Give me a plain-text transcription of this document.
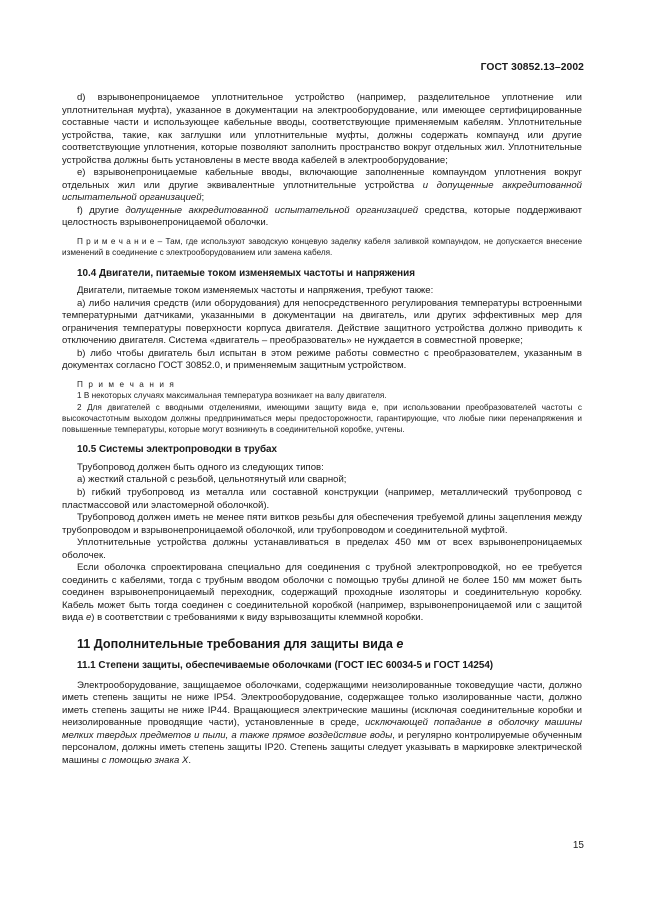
ГОСТ 30852.13–2002

d) взрывонепроницаемое уплотнительное устройство (например, разделительное уплотнение или уплотнительная муфта), указанное в документации на электрооборудование, или имеющее сертифицированные составные части и использующее кабельные вводы, соответствующие применяемым кабелям. Уплотнительные устройства, такие, как заглушки или уплотнительные муфты, должны содержать компаунд или другие соответствующие уплотнения, которые позволяют заполнить пространство вокруг отдельных жил. Уплотнительные устройства должны быть установлены в месте ввода кабелей в электрооборудование;

e) взрывонепроницаемые кабельные вводы, включающие заполненные компаундом уплотнения вокруг отдельных жил или другие эквивалентные уплотнительные устройства и допущенные аккредитованной испытательной организацией;

f) другие долущенные аккредитованной испытательной организацией средства, которые поддерживают целостность взрывонепроницаемой оболочки.

П р и м е ч а н и е – Там, где используют заводскую концевую заделку кабеля заливкой компаундом, не допускается внесение изменений в соединение с электрооборудованием или замена кабеля.

10.4 Двигатели, питаемые током изменяемых частоты и напряжения

Двигатели, питаемые током изменяемых частоты и напряжения, требуют также:

a) либо наличия средств (или оборудования) для непосредственного регулирования температуры встроенными температурными датчиками, указанными в документации на двигатель, или других эффективных мер для ограничения температуры поверхности корпуса двигателя. Действие защитного устройства должно приводить к отключению двигателя. Система «двигатель – преобразователь» не нуждается в совместной проверке;

b) либо чтобы двигатель был испытан в этом режиме работы совместно с преобразователем, указанным в документах согласно ГОСТ 30852.0, и применяемым защитным устройством.

П р и м е ч а н и я

1 В некоторых случаях максимальная температура возникает на валу двигателя.

2 Для двигателей с вводными отделениями, имеющими защиту вида е, при использовании преобразователей частоты с высокочастотным выходом должны предприниматься меры предосторожности, гарантирующие, что любые пики перенапряжения и повышенные температуры, которые могут возникнуть в соединительной коробке, учтены.

10.5 Системы электропроводки в трубах

Трубопровод должен быть одного из следующих типов:

a) жесткий стальной с резьбой, цельнотянутый или сварной;

b) гибкий трубопровод из металла или составной конструкции (например, металлический трубопровод с пластмассовой или эластомерной оболочкой).

Трубопровод должен иметь не менее пяти витков резьбы для обеспечения требуемой длины зацепления между трубопроводом и взрывонепроницаемой оболочкой, или трубопроводом и соединительной муфтой.

Уплотнительные устройства должны устанавливаться в пределах 450 мм от всех взрывонепроницаемых оболочек.

Если оболочка спроектирована специально для соединения с трубной электропроводкой, но ее требуется соединить с кабелями, тогда с трубным вводом оболочки с помощью трубы длиной не более 150 мм может быть соединен взрывонепроницаемый переходник, содержащий проходные изоляторы и соединительную коробку. Кабель может быть тогда соединен с соединительной коробкой (например, взрывонепроницаемой или с защитой вида e) в соответствии с требованиями к виду взрывозащиты клеммной коробки.

11 Дополнительные требования для защиты вида e
11.1 Степени защиты, обеспечиваемые оболочками (ГОСТ IEC 60034-5 и ГОСТ 14254)

Электрооборудование, защищаемое оболочками, содержащими неизолированные токоведущие части, должно иметь степень защиты не ниже IP54. Электрооборудование, содержащее только изолированные части, должно иметь степень защиты не ниже IP44. Вращающиеся электрические машины (исключая соединительные коробки и неизолированные проводящие части), установленные в среде, исключающей попадание в оболочку машины мелких твердых предметов и пыли, а также прямое воздействие воды, и регулярно контролируемые обученным персоналом, должны иметь степень защиты IP20. Степень защиты следует указывать в маркировке электрической машины с помощью знака X.

15
